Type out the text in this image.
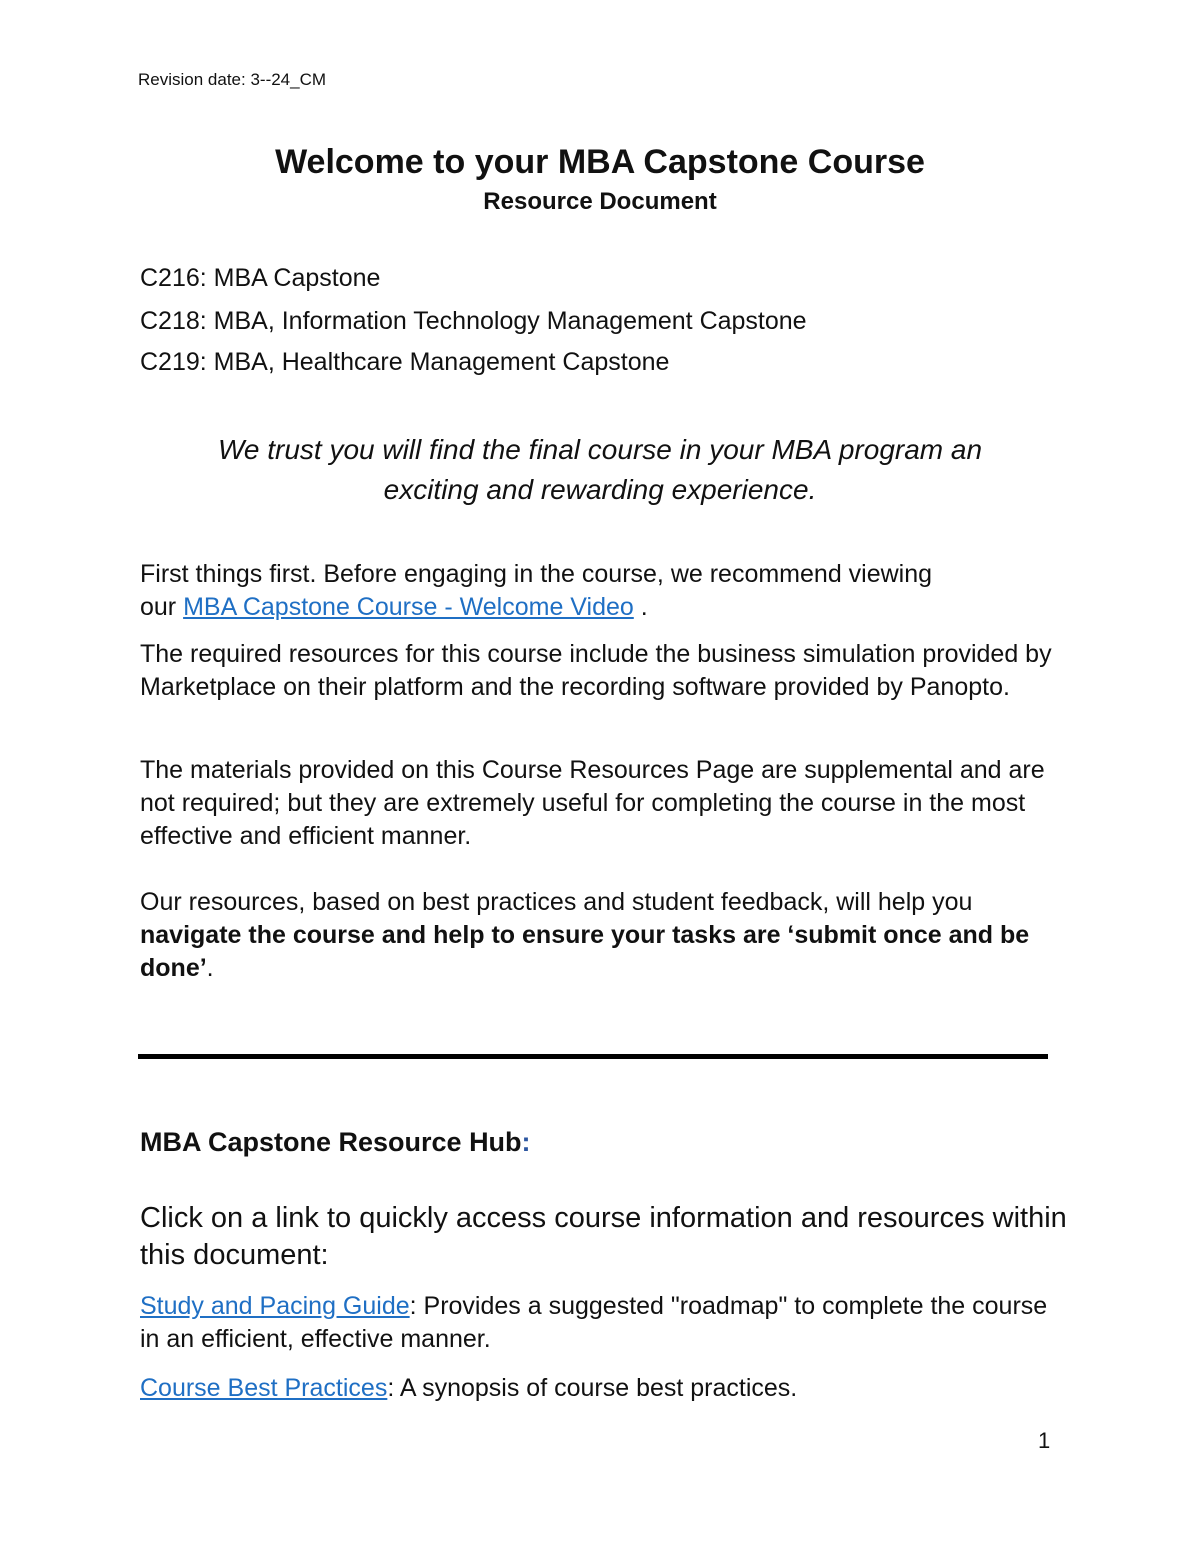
Revision date: 3--24_CM
Welcome to your MBA Capstone Course
Resource Document
C216: MBA Capstone
C218: MBA, Information Technology Management Capstone
C219: MBA, Healthcare Management Capstone
We trust you will find the final course in your MBA program an
exciting and rewarding experience.
First things first. Before engaging in the course, we recommend viewing
our MBA Capstone Course - Welcome Video .
The required resources for this course include the business simulation provided by Marketplace on their platform and the recording software provided by Panopto.
The materials provided on this Course Resources Page are supplemental and are not required; but they are extremely useful for completing the course in the most effective and efficient manner.
Our resources, based on best practices and student feedback, will help you navigate the course and help to ensure your tasks are ‘submit once and be done’.
MBA Capstone Resource Hub:
Click on a link to quickly access course information and resources within this document:
Study and Pacing Guide: Provides a suggested "roadmap" to complete the course in an efficient, effective manner.
Course Best Practices: A synopsis of course best practices.
1
